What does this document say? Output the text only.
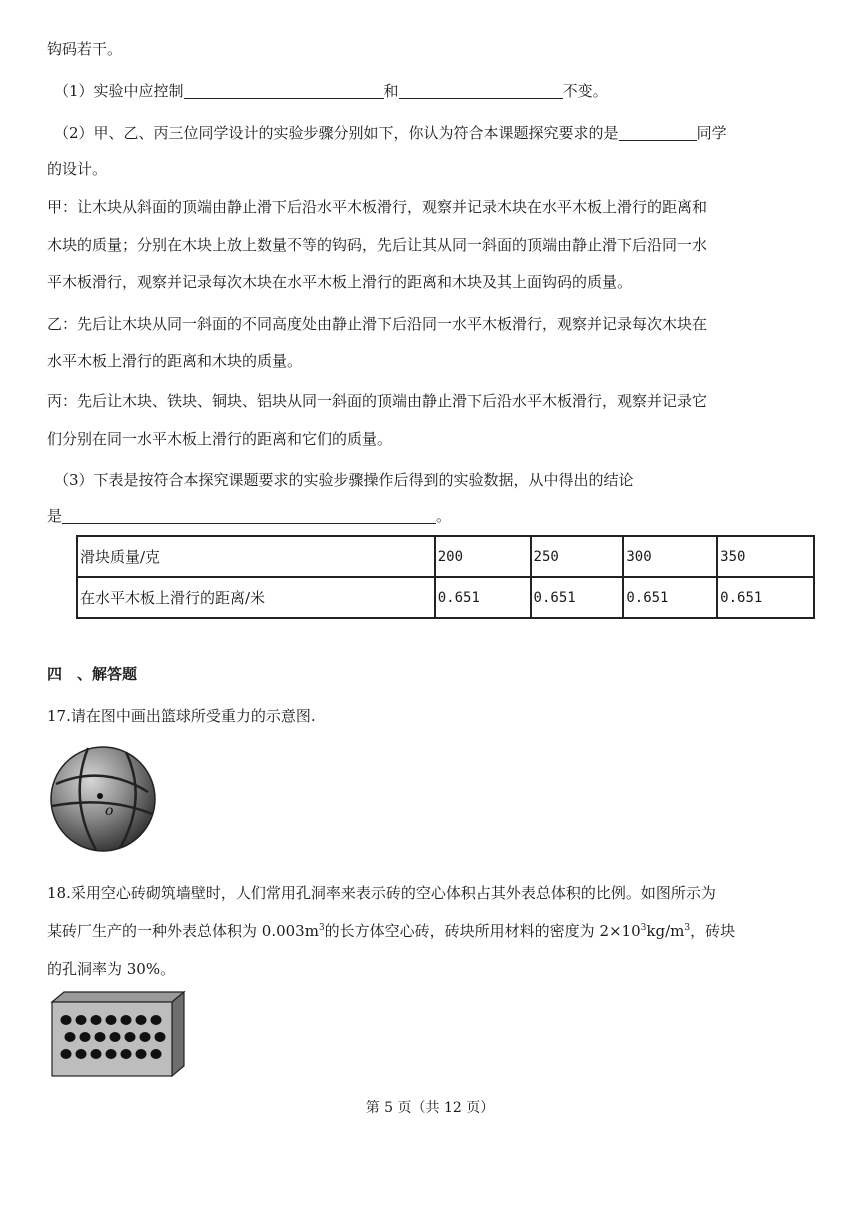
钩码若干。
（1）实验中应控制	和	不变。
（2）甲、乙、丙三位同学设计的实验步骤分别如下，你认为符合本课题探究要求的是	同学
的设计。
甲：让木块从斜面的顶端由静止滑下后沿水平木板滑行，观察并记录木块在水平木板上滑行的距离和
木块的质量；分别在木块上放上数量不等的钩码，先后让其从同一斜面的顶端由静止滑下后沿同一水
平木板滑行，观察并记录每次木块在水平木板上滑行的距离和木块及其上面钩码的质量。
乙：先后让木块从同一斜面的不同高度处由静止滑下后沿同一水平木板滑行，观察并记录每次木块在
水平木板上滑行的距离和木块的质量。
丙：先后让木块、铁块、铜块、铝块从同一斜面的顶端由静止滑下后沿水平木板滑行，观察并记录它
们分别在同一水平木板上滑行的距离和它们的质量。
（3）下表是按符合本探究课题要求的实验步骤操作后得到的实验数据，从中得出的结论
是	。
滑块质量/克	200	250	300	350
在水平木板上滑行的距离/米	0.651	0.651	0.651	0.651
四　、解答题
17.请在图中画出篮球所受重力的示意图.
o
18.采用空心砖砌筑墙壁时，人们常用孔洞率来表示砖的空心体积占其外表总体积的比例。如图所示为
某砖厂生产的一种外表总体积为 $0.003m^3$的长方体空心砖，砖块所用材料的密度为 $2\times 10^3kg/m^3$，砖块
的孔洞率为 30%。
第 5 页（共 12 页）
